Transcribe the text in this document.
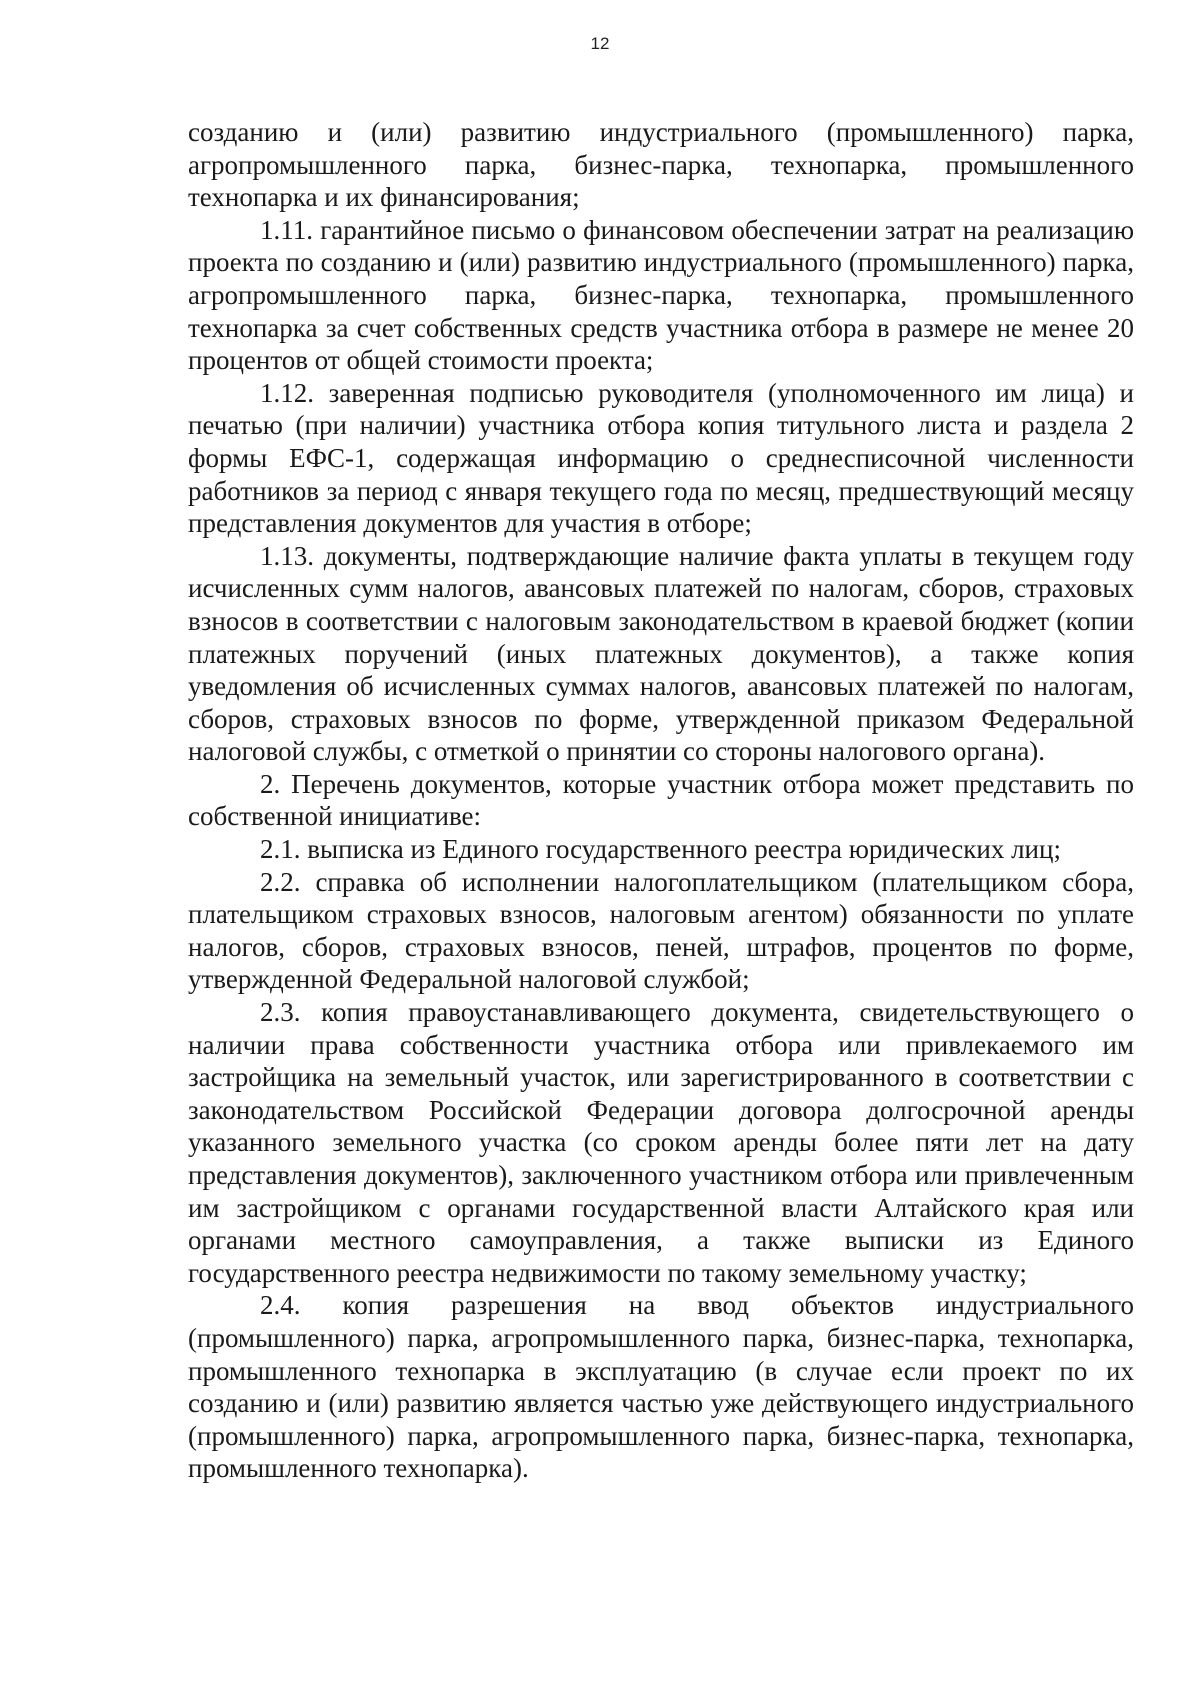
12

созданию и (или) развитию индустриального (промышленного) парка, агропромышленного парка, бизнес-парка, технопарка, промышленного технопарка и их финансирования;

1.11. гарантийное письмо о финансовом обеспечении затрат на реализацию проекта по созданию и (или) развитию индустриального (промышленного) парка, агропромышленного парка, бизнес-парка, технопарка, промышленного технопарка за счет собственных средств участника отбора в размере не менее 20 процентов от общей стоимости проекта;

1.12. заверенная подписью руководителя (уполномоченного им лица) и печатью (при наличии) участника отбора копия титульного листа и раздела 2 формы ЕФС-1, содержащая информацию о среднесписочной численности работников за период с января текущего года по месяц, предшествующий месяцу представления документов для участия в отборе;

1.13. документы, подтверждающие наличие факта уплаты в текущем году исчисленных сумм налогов, авансовых платежей по налогам, сборов, страховых взносов в соответствии с налоговым законодательством в краевой бюджет (копии платежных поручений (иных платежных документов), а также копия уведомления об исчисленных суммах налогов, авансовых платежей по налогам, сборов, страховых взносов по форме, утвержденной приказом Федеральной налоговой службы, с отметкой о принятии со стороны налогового органа).

2. Перечень документов, которые участник отбора может представить по собственной инициативе:

2.1. выписка из Единого государственного реестра юридических лиц;

2.2. справка об исполнении налогоплательщиком (плательщиком сбора, плательщиком страховых взносов, налоговым агентом) обязанности по уплате налогов, сборов, страховых взносов, пеней, штрафов, процентов по форме, утвержденной Федеральной налоговой службой;

2.3. копия правоустанавливающего документа, свидетельствующего о наличии права собственности участника отбора или привлекаемого им застройщика на земельный участок, или зарегистрированного в соответствии с законодательством Российской Федерации договора долгосрочной аренды указанного земельного участка (со сроком аренды более пяти лет на дату представления документов), заключенного участником отбора или привлеченным им застройщиком с органами государственной власти Алтайского края или органами местного самоуправления, а также выписки из Единого государственного реестра недвижимости по такому земельному участку;

2.4. копия разрешения на ввод объектов индустриального (промышленного) парка, агропромышленного парка, бизнес-парка, технопарка, промышленного технопарка в эксплуатацию (в случае если проект по их созданию и (или) развитию является частью уже действующего индустриального (промышленного) парка, агропромышленного парка, бизнес-парка, технопарка, промышленного технопарка).
